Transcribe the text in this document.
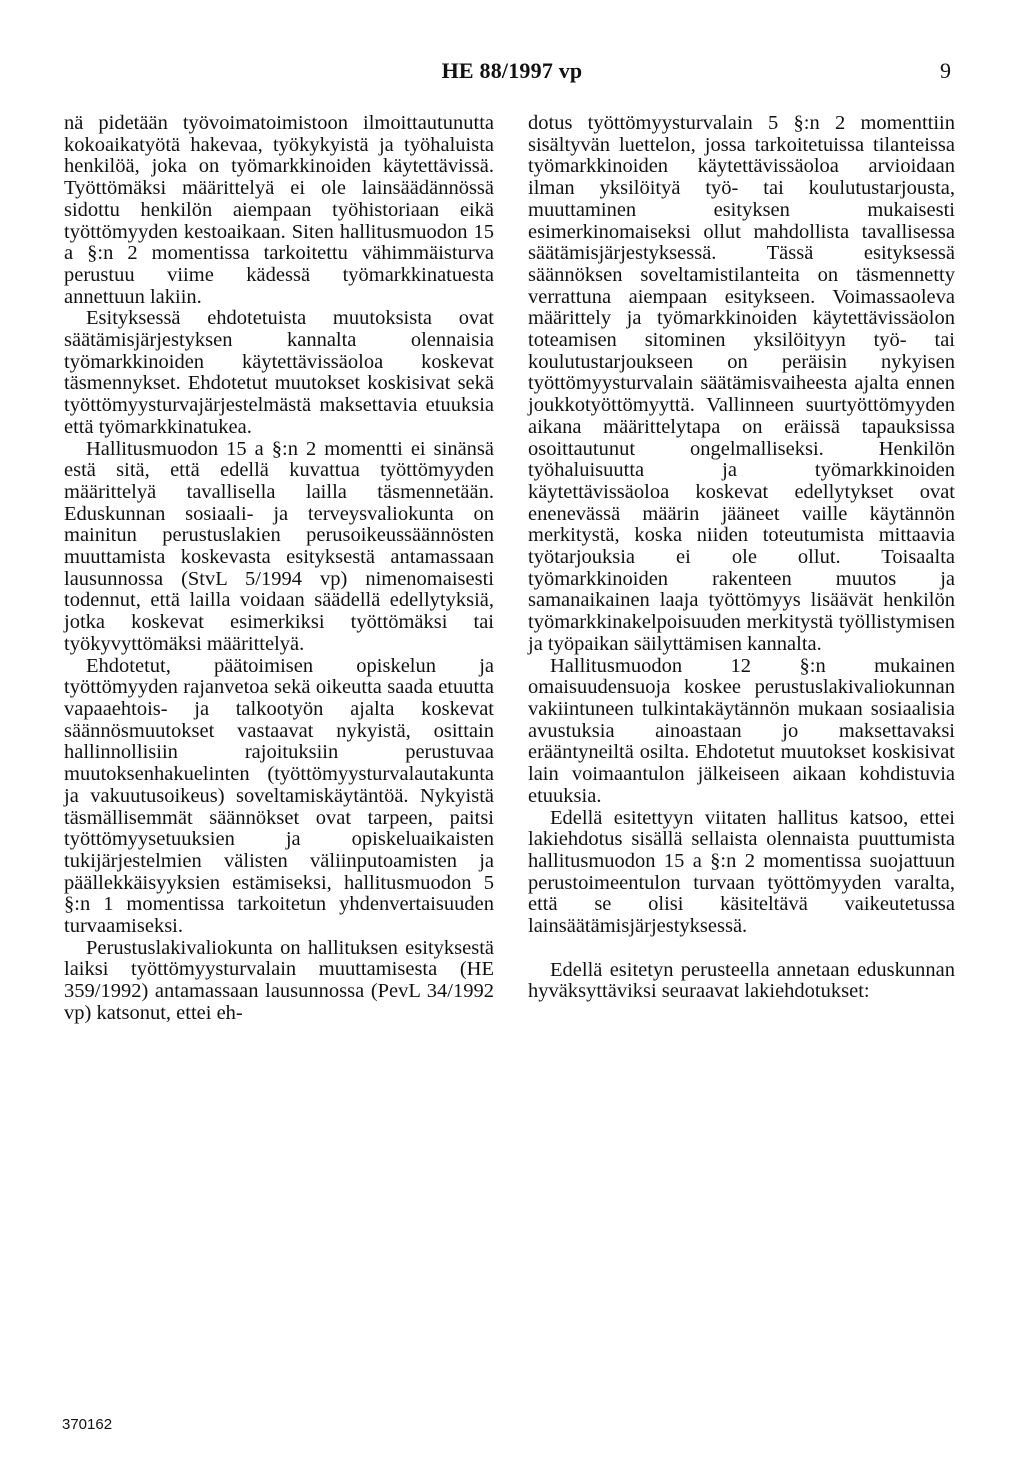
HE 88/1997 vp	9

nä pidetään työvoimatoimistoon ilmoittautunutta kokoaikatyötä hakevaa, työkykyistä ja työhaluista henkilöä, joka on työmarkkinoiden käytettävissä. Työttömäksi määrittelyä ei ole lainsäädännössä sidottu henkilön aiempaan työhistoriaan eikä työttömyyden kestoaikaan. Siten hallitusmuodon 15 a §:n 2 momentissa tarkoitettu vähimmäisturva perustuu viime kädessä työmarkkinatuesta annettuun lakiin.

Esityksessä ehdotetuista muutoksista ovat säätämisjärjestyksen kannalta olennaisia työmarkkinoiden käytettävissäoloa koskevat täsmennykset. Ehdotetut muutokset koskisivat sekä työttömyysturvajärjestelmästä maksettavia etuuksia että työmarkkinatukea.

Hallitusmuodon 15 a §:n 2 momentti ei sinänsä estä sitä, että edellä kuvattua työttömyyden määrittelyä tavallisella lailla täsmennetään. Eduskunnan sosiaali- ja terveysvaliokunta on mainitun perustuslakien perusoikeussäännösten muuttamista koskevasta esityksestä antamassaan lausunnossa (StvL 5/1994 vp) nimenomaisesti todennut, että lailla voidaan säädellä edellytyksiä, jotka koskevat esimerkiksi työttömäksi tai työkyvyttömäksi määrittelyä.

Ehdotetut, päätoimisen opiskelun ja työttömyyden rajanvetoa sekä oikeutta saada etuutta vapaaehtois- ja talkootyön ajalta koskevat säännösmuutokset vastaavat nykyistä, osittain hallinnollisiin rajoituksiin perustuvaa muutoksenhakuelinten (työttömyysturvalautakunta ja vakuutusoikeus) soveltamiskäytäntöä. Nykyistä täsmällisemmät säännökset ovat tarpeen, paitsi työttömyysetuuksien ja opiskeluaikaisten tukijärjestelmien välisten väliinputoamisten ja päällekkäisyyksien estämiseksi, hallitusmuodon 5 §:n 1 momentissa tarkoitetun yhdenvertaisuuden turvaamiseksi.

Perustuslakivaliokunta on hallituksen esityksestä laiksi työttömyysturvalain muuttamisesta (HE 359/1992) antamassaan lausunnossa (PevL 34/1992 vp) katsonut, ettei eh-

dotus työttömyysturvalain 5 §:n 2 momenttiin sisältyvän luettelon, jossa tarkoitetuissa tilanteissa työmarkkinoiden käytettävissäoloa arvioidaan ilman yksilöityä työ- tai koulutustarjousta, muuttaminen esityksen mukaisesti esimerkinomaiseksi ollut mahdollista tavallisessa säätämisjärjestyksessä. Tässä esityksessä säännöksen soveltamistilanteita on täsmennetty verrattuna aiempaan esitykseen. Voimassaoleva määrittely ja työmarkkinoiden käytettävissäolon toteamisen sitominen yksilöityyn työ- tai koulutustarjoukseen on peräisin nykyisen työttömyysturvalain säätämisvaiheesta ajalta ennen joukkotyöttömyyttä. Vallinneen suurtyöttömyyden aikana määrittelytapa on eräissä tapauksissa osoittautunut ongelmalliseksi. Henkilön työhaluisuutta ja työmarkkinoiden käytettävissäoloa koskevat edellytykset ovat enenevässä määrin jääneet vaille käytännön merkitystä, koska niiden toteutumista mittaavia työtarjouksia ei ole ollut. Toisaalta työmarkkinoiden rakenteen muutos ja samanaikainen laaja työttömyys lisäävät henkilön työmarkkinakelpoisuuden merkitystä työllistymisen ja työpaikan säilyttämisen kannalta.

Hallitusmuodon 12 §:n mukainen omaisuudensuoja koskee perustuslakivaliokunnan vakiintuneen tulkintakäytännön mukaan sosiaalisia avustuksia ainoastaan jo maksettavaksi erääntyneiltä osilta. Ehdotetut muutokset koskisivat lain voimaantulon jälkeiseen aikaan kohdistuvia etuuksia.

Edellä esitettyyn viitaten hallitus katsoo, ettei lakiehdotus sisällä sellaista olennaista puuttumista hallitusmuodon 15 a §:n 2 momentissa suojattuun perustoimeentulon turvaan työttömyyden varalta, että se olisi käsiteltävä vaikeutetussa lainsäätämisjärjestyksessä.

Edellä esitetyn perusteella annetaan eduskunnan hyväksyttäviksi seuraavat lakiehdotukset:

370162
